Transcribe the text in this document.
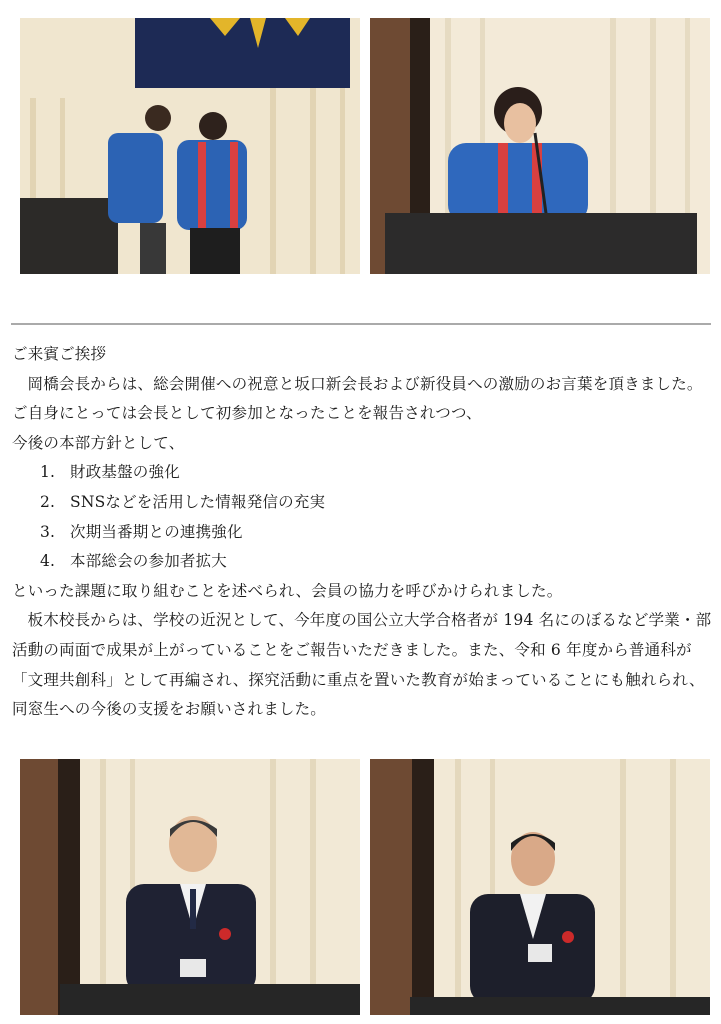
ご来賓ご挨拶

岡橋会長からは、総会開催への祝意と坂口新会長および新役員への激励のお言葉を頂きました。ご自身にとっては会長として初参加となったことを報告されつつ、

今後の本部方針として、

1. 財政基盤の強化
2. SNSなどを活用した情報発信の充実
3. 次期当番期との連携強化
4. 本部総会の参加者拡大

といった課題に取り組むことを述べられ、会員の協力を呼びかけられました。

板木校長からは、学校の近況として、今年度の国公立大学合格者が 194 名にのぼるなど学業・部活動の両面で成果が上がっていることをご報告いただきました。また、令和 6 年度から普通科が「文理共創科」として再編され、探究活動に重点を置いた教育が始まっていることにも触れられ、同窓生への今後の支援をお願いされました。
